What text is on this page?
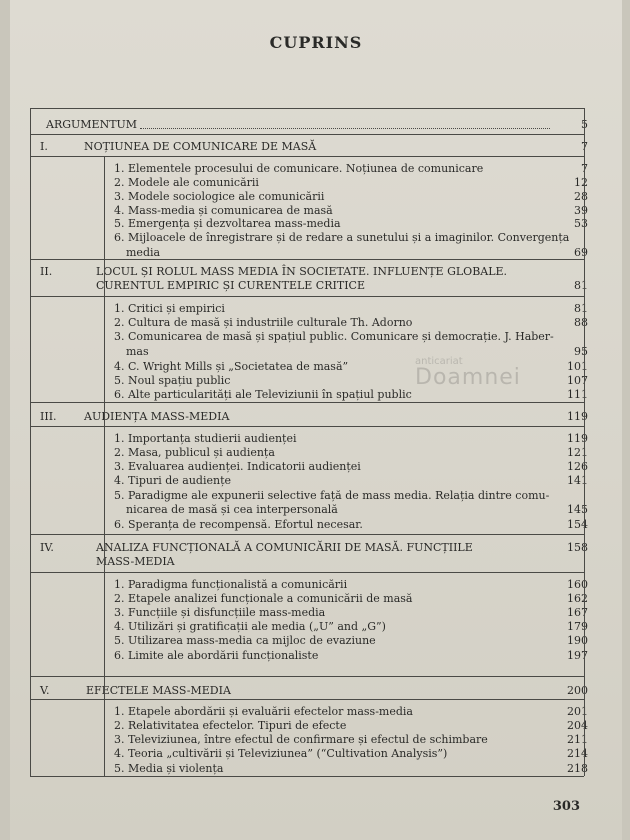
CUPRINS
anticariat
Doamnei
ARGUMENTUM	5
I.	NOȚIUNEA DE COMUNICARE DE MASĂ	7
1. Elementele procesului de comunicare. Noțiunea de comunicare	7
2. Modele ale comunicării	12
3. Modele sociologice ale comunicării	28
4. Mass-media și comunicarea de masă	39
5. Emergența și dezvoltarea mass-media	53
6. Mijloacele de înregistrare și de redare a sunetului și a imaginilor. Convergența
media	69
II.	LOCUL ȘI ROLUL MASS MEDIA ÎN SOCIETATE. INFLUENȚE GLOBALE.
CURENTUL EMPIRIC ȘI CURENTELE CRITICE	81
1. Critici și empirici	81
2. Cultura de masă și industriile culturale Th. Adorno	88
3. Comunicarea de masă și spațiul public. Comunicare și democrație. J. Haber-
mas	95
4. C. Wright Mills și „Societatea de masă”	101
5. Noul spațiu public	107
6. Alte particularități ale Televiziunii în spațiul public	111
III. AUDIENȚA MASS-MEDIA	119
1. Importanța studierii audienței	119
2. Masa, publicul și audiența	121
3. Evaluarea audienței. Indicatorii audienței	126
4. Tipuri de audiențe	141
5. Paradigme ale expunerii selective față de mass media. Relația dintre comu-
nicarea de masă și cea interpersonală	145
6. Speranța de recompensă. Efortul necesar.	154
IV.	ANALIZA FUNCȚIONALĂ A COMUNICĂRII DE MASĂ. FUNCȚIILE	158
MASS-MEDIA
1. Paradigma funcționalistă a comunicării	160
2. Etapele analizei funcționale a comunicării de masă	162
3. Funcțiile și disfuncțiile mass-media	167
4. Utilizări și gratificații ale media („U” and „G”)	179
5. Utilizarea mass-media ca mijloc de evaziune	190
6. Limite ale abordării funcționaliste	197
V.	EFECTELE MASS-MEDIA	200
1. Etapele abordării și evaluării efectelor mass-media	201
2. Relativitatea efectelor. Tipuri de efecte	204
3. Televiziunea, între efectul de confirmare și efectul de schimbare	211
4. Teoria „cultivării și Televiziunea” (“Cultivation Analysis”)	214
5. Media și violența	218
303
